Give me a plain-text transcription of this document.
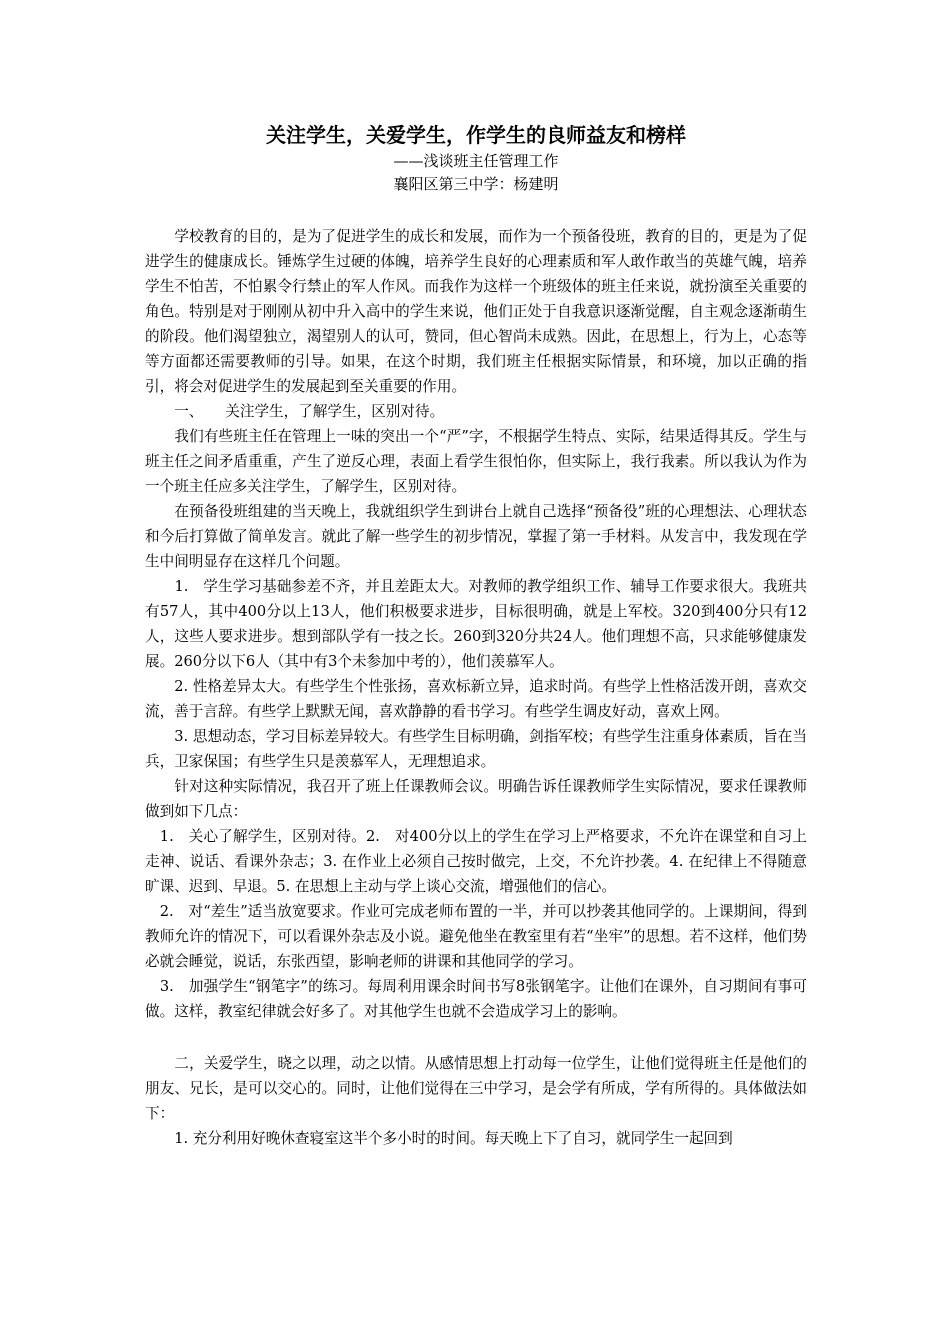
关注学生，关爱学生，作学生的良师益友和榜样

——浅谈班主任管理工作

襄阳区第三中学：杨建明

　　学校教育的目的，是为了促进学生的成长和发展，而作为一个预备役班，教育的目的，更是为了促进学生的健康成长。锤炼学生过硬的体魄，培养学生良好的心理素质和军人敢作敢当的英雄气魄，培养学生不怕苦，不怕累令行禁止的军人作风。而我作为这样一个班级体的班主任来说，就扮演至关重要的角色。特别是对于刚刚从初中升入高中的学生来说，他们正处于自我意识逐渐觉醒，自主观念逐渐萌生的阶段。他们渴望独立，渴望别人的认可，赞同，但心智尚未成熟。因此，在思想上，行为上，心态等等方面都还需要教师的引导。如果，在这个时期，我们班主任根据实际情景，和环境，加以正确的指引，将会对促进学生的发展起到至关重要的作用。

　　一、　　关注学生，了解学生，区别对待。

　　我们有些班主任在管理上一味的突出一个“严”字，不根据学生特点、实际，结果适得其反。学生与班主任之间矛盾重重，产生了逆反心理，表面上看学生很怕你，但实际上，我行我素。所以我认为作为一个班主任应多关注学生，了解学生，区别对待。

　　在预备役班组建的当天晚上，我就组织学生到讲台上就自己选择“预备役”班的心理想法、心理状态和今后打算做了简单发言。就此了解一些学生的初步情况，掌握了第一手材料。从发言中，我发现在学生中间明显存在这样几个问题。

　　1.　学生学习基础参差不齐，并且差距太大。对教师的教学组织工作、辅导工作要求很大。我班共有57人，其中400分以上13人，他们积极要求进步，目标很明确，就是上军校。320到400分只有12人，这些人要求进步。想到部队学有一技之长。260到320分共24人。他们理想不高，只求能够健康发展。260分以下6人（其中有3个未参加中考的），他们羡慕军人。

　　2. 性格差异太大。有些学生个性张扬，喜欢标新立异，追求时尚。有些学上性格活泼开朗，喜欢交流，善于言辞。有些学上默默无闻，喜欢静静的看书学习。有些学生调皮好动，喜欢上网。

　　3. 思想动态，学习目标差异较大。有些学生目标明确，剑指军校；有些学生注重身体素质，旨在当兵，卫家保国；有些学生只是羡慕军人，无理想追求。

　　针对这种实际情况，我召开了班上任课教师会议。明确告诉任课教师学生实际情况，要求任课教师做到如下几点：

　1.　关心了解学生，区别对待。2.　对400分以上的学生在学习上严格要求，不允许在课堂和自习上走神、说话、看课外杂志；3. 在作业上必须自己按时做完，上交，不允许抄袭。4. 在纪律上不得随意旷课、迟到、早退。5. 在思想上主动与学上谈心交流，增强他们的信心。

　2.　对“差生”适当放宽要求。作业可完成老师布置的一半，并可以抄袭其他同学的。上课期间，得到教师允许的情况下，可以看课外杂志及小说。避免他坐在教室里有若“坐牢”的思想。若不这样，他们势必就会睡觉，说话，东张西望，影响老师的讲课和其他同学的学习。

　3.　加强学生“钢笔字”的练习。每周利用课余时间书写8张钢笔字。让他们在课外，自习期间有事可做。这样，教室纪律就会好多了。对其他学生也就不会造成学习上的影响。

　　二，关爱学生，晓之以理，动之以情。从感情思想上打动每一位学生，让他们觉得班主任是他们的朋友、兄长，是可以交心的。同时，让他们觉得在三中学习，是会学有所成，学有所得的。具体做法如下：

　　1. 充分利用好晚休查寝室这半个多小时的时间。每天晚上下了自习，就同学生一起回到
